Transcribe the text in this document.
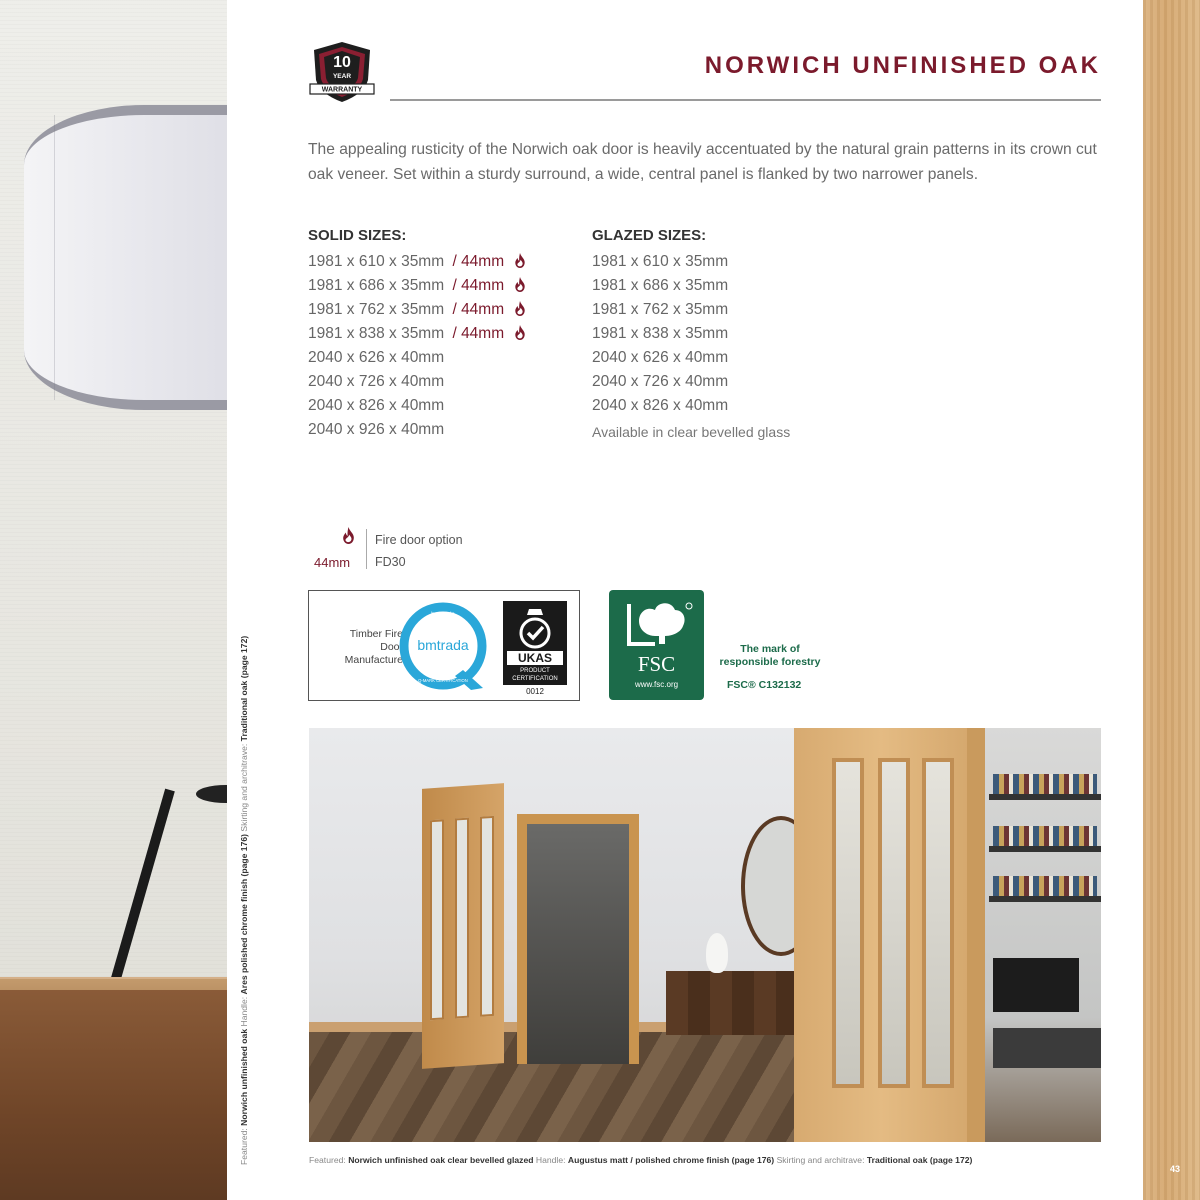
43
Featured: Norwich unfinished oak Handle: Ares polished chrome finish (page 176) Skirting and architrave: Traditional oak (page 172)
10
YEAR
WARRANTY
NORWICH UNFINISHED OAK

The appealing rusticity of the Norwich oak door is heavily accentuated by the natural grain patterns in its crown cut oak veneer. Set within a sturdy surround, a wide, central panel is flanked by two narrower panels.

SOLID SIZES:
1981 x 610 x 35mm / 44mm
1981 x 686 x 35mm / 44mm
1981 x 762 x 35mm / 44mm
1981 x 838 x 35mm / 44mm
2040 x 626 x 40mm
2040 x 726 x 40mm
2040 x 826 x 40mm
2040 x 926 x 40mm
GLAZED SIZES:
1981 x 610 x 35mm
1981 x 686 x 35mm
1981 x 762 x 35mm
1981 x 838 x 35mm
2040 x 626 x 40mm
2040 x 726 x 40mm
2040 x 826 x 40mm

Available in clear bevelled glass

44mm
Fire door option
FD30
Timber Fire
Door
Manufacture
bmtrada
bm trada
Q-MARK CERTIFICATION
UKAS
PRODUCT
CERTIFICATION
0012
FSC
www.fsc.org
The mark of
responsible forestry
FSC® C132132
Featured: Norwich unfinished oak clear bevelled glazed Handle: Augustus matt / polished chrome finish (page 176) Skirting and architrave: Traditional oak (page 172)
